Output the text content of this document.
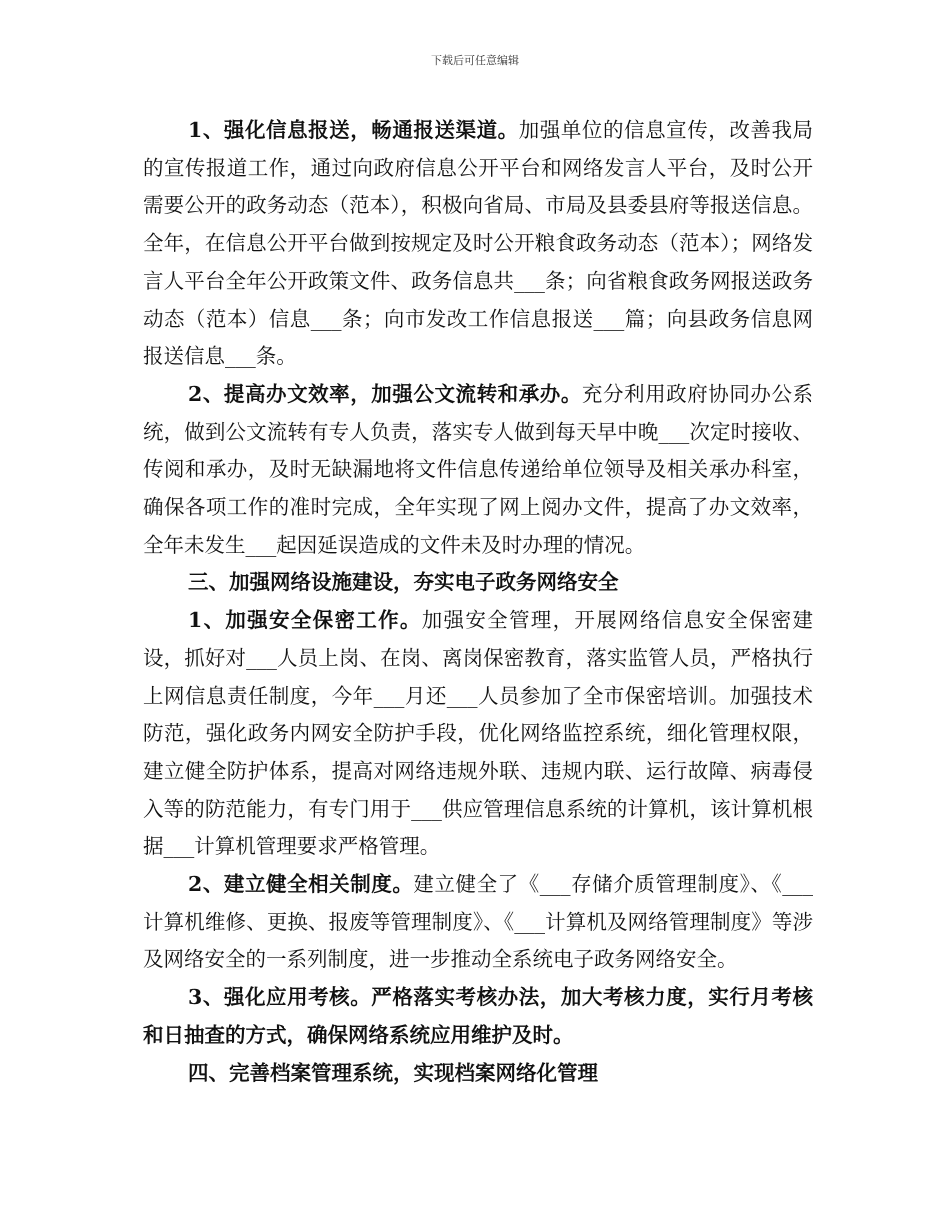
下载后可任意编辑

1、强化信息报送，畅通报送渠道。加强单位的信息宣传，改善我局的宣传报道工作，通过向政府信息公开平台和网络发言人平台，及时公开需要公开的政务动态（范本），积极向省局、市局及县委县府等报送信息。全年，在信息公开平台做到按规定及时公开粮食政务动态（范本）；网络发言人平台全年公开政策文件、政务信息共___条；向省粮食政务网报送政务动态（范本）信息___条；向市发改工作信息报送___篇；向县政务信息网报送信息___条。

2、提高办文效率，加强公文流转和承办。充分利用政府协同办公系统，做到公文流转有专人负责，落实专人做到每天早中晚___次定时接收、传阅和承办，及时无缺漏地将文件信息传递给单位领导及相关承办科室，确保各项工作的准时完成，全年实现了网上阅办文件，提高了办文效率，全年未发生___起因延误造成的文件未及时办理的情况。

三、加强网络设施建设，夯实电子政务网络安全

1、加强安全保密工作。加强安全管理，开展网络信息安全保密建设，抓好对___人员上岗、在岗、离岗保密教育，落实监管人员，严格执行上网信息责任制度，今年___月还___人员参加了全市保密培训。加强技术防范，强化政务内网安全防护手段，优化网络监控系统，细化管理权限，建立健全防护体系，提高对网络违规外联、违规内联、运行故障、病毒侵入等的防范能力，有专门用于___供应管理信息系统的计算机，该计算机根据___计算机管理要求严格管理。

2、建立健全相关制度。建立健全了《___存储介质管理制度》、《___计算机维修、更换、报废等管理制度》、《___计算机及网络管理制度》等涉及网络安全的一系列制度，进一步推动全系统电子政务网络安全。

3、强化应用考核。严格落实考核办法，加大考核力度，实行月考核和日抽查的方式，确保网络系统应用维护及时。

四、完善档案管理系统，实现档案网络化管理
